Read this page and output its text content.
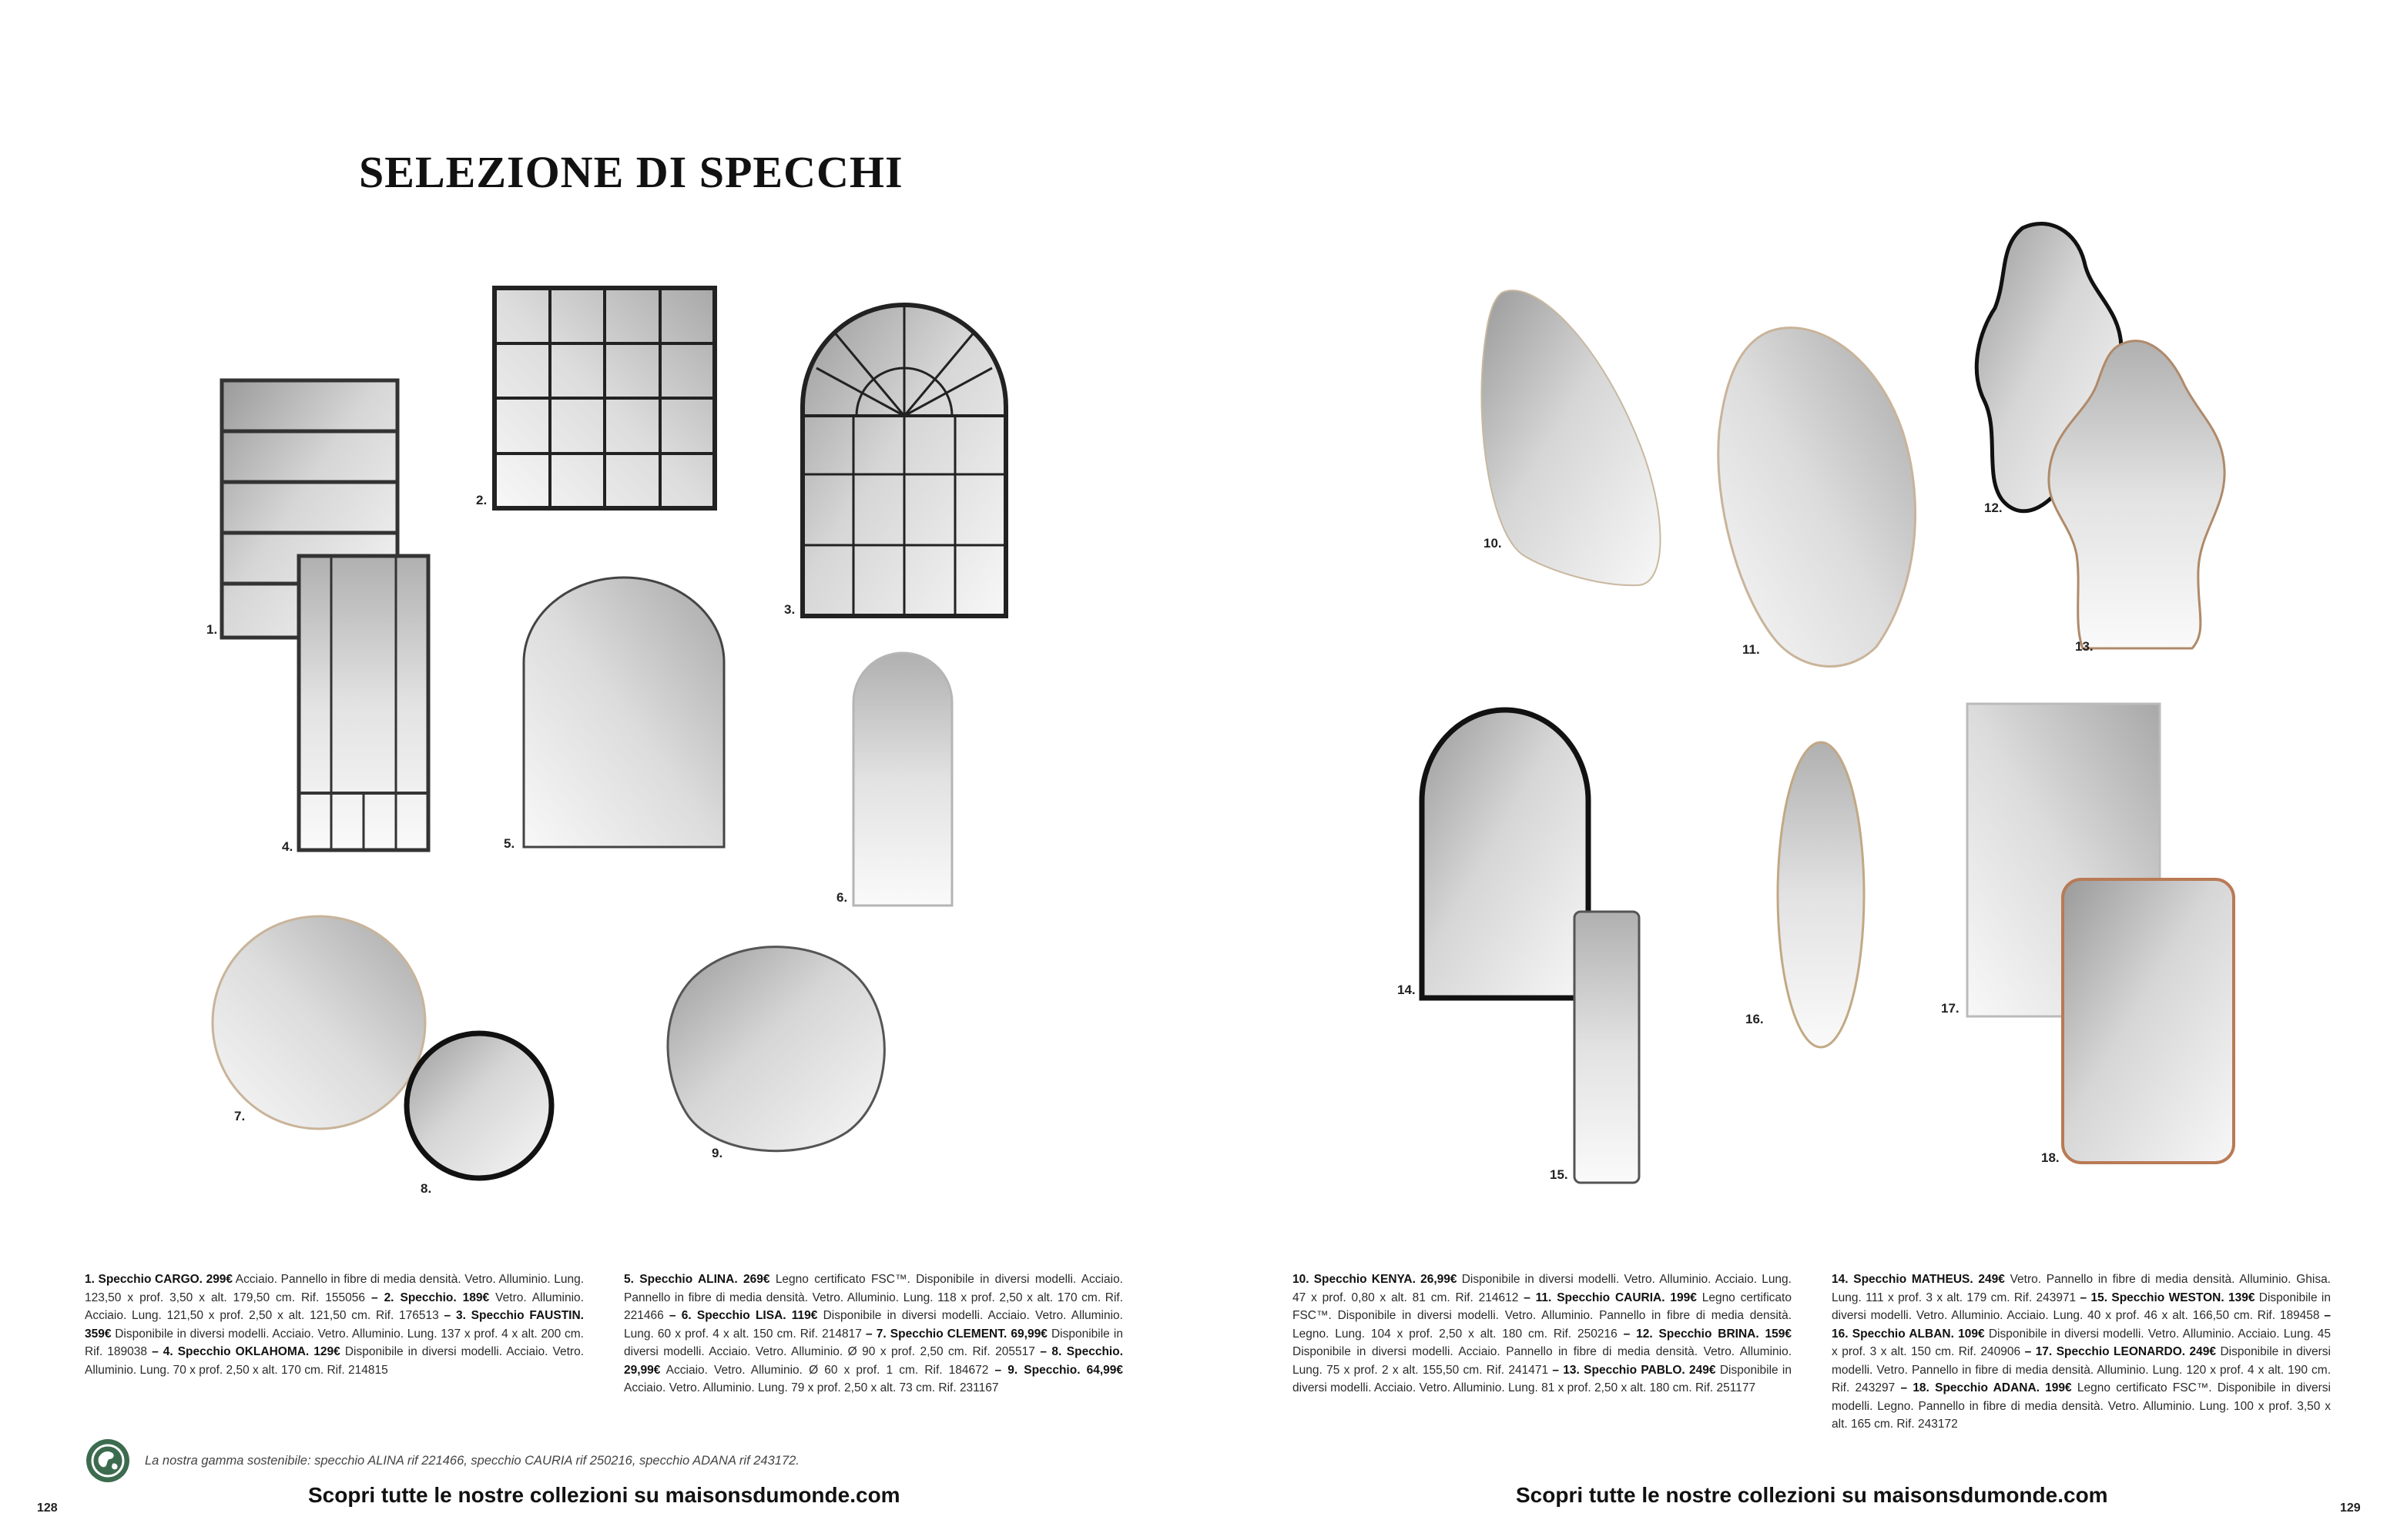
SELEZIONE DI SPECCHI
1.
2.
3.
4.	5.
6.
7.
8.
9.
1. Specchio CARGO. 299€ Acciaio. Pannello in fibre di media densità. Vetro. Alluminio. Lung. 123,50 x prof. 3,50 x alt. 179,50 cm. Rif. 155056 – 2. Specchio. 189€ Vetro. Alluminio. Acciaio. Lung. 121,50 x prof. 2,50 x alt. 121,50 cm. Rif. 176513 – 3. Specchio FAUSTIN. 359€ Disponibile in diversi modelli. Acciaio. Vetro. Alluminio. Lung. 137 x prof. 4 x alt. 200 cm. Rif. 189038 – 4. Specchio OKLAHOMA. 129€ Disponibile in diversi modelli. Acciaio. Vetro. Alluminio. Lung. 70 x prof. 2,50 x alt. 170 cm. Rif. 214815
5. Specchio ALINA. 269€ Legno certificato FSC™. Disponibile in diversi modelli. Acciaio. Pannello in fibre di media densità. Vetro. Alluminio. Lung. 118 x prof. 2,50 x alt. 170 cm. Rif. 221466 – 6. Specchio LISA. 119€ Disponibile in diversi modelli. Acciaio. Vetro. Alluminio. Lung. 60 x prof. 4 x alt. 150 cm. Rif. 214817 – 7. Specchio CLEMENT. 69,99€ Disponibile in diversi modelli. Acciaio. Vetro. Alluminio. Ø 90 x prof. 2,50 cm. Rif. 205517 – 8. Specchio. 29,99€ Acciaio. Vetro. Alluminio. Ø 60 x prof. 1 cm. Rif. 184672 – 9. Specchio. 64,99€ Acciaio. Vetro. Alluminio. Lung. 79 x prof. 2,50 x alt. 73 cm. Rif. 231167
La nostra gamma sostenibile: specchio ALINA rif 221466, specchio CAURIA rif 250216, specchio ADANA rif 243172.
Scopri tutte le nostre collezioni su maisonsdumonde.com
128
10.
11.
12.
13.
14.
15.
16.
17.
18.
10. Specchio KENYA. 26,99€ Disponibile in diversi modelli. Vetro. Alluminio. Acciaio. Lung. 47 x prof. 0,80 x alt. 81 cm. Rif. 214612 – 11. Specchio CAURIA. 199€ Legno certificato FSC™. Disponibile in diversi modelli. Vetro. Alluminio. Pannello in fibre di media densità. Legno. Lung. 104 x prof. 2,50 x alt. 180 cm. Rif. 250216 – 12. Specchio BRINA. 159€ Disponibile in diversi modelli. Acciaio. Pannello in fibre di media densità. Vetro. Alluminio. Lung. 75 x prof. 2 x alt. 155,50 cm. Rif. 241471 – 13. Specchio PABLO. 249€ Disponibile in diversi modelli. Acciaio. Vetro. Alluminio. Lung. 81 x prof. 2,50 x alt. 180 cm. Rif. 251177
14. Specchio MATHEUS. 249€ Vetro. Pannello in fibre di media densità. Alluminio. Ghisa. Lung. 111 x prof. 3 x alt. 179 cm. Rif. 243971 – 15. Specchio WESTON. 139€ Disponibile in diversi modelli. Vetro. Alluminio. Acciaio. Lung. 40 x prof. 46 x alt. 166,50 cm. Rif. 189458 – 16. Specchio ALBAN. 109€ Disponibile in diversi modelli. Vetro. Alluminio. Acciaio. Lung. 45 x prof. 3 x alt. 150 cm. Rif. 240906 – 17. Specchio LEONARDO. 249€ Disponibile in diversi modelli. Vetro. Pannello in fibre di media densità. Alluminio. Lung. 120 x prof. 4 x alt. 190 cm. Rif. 243297 – 18. Specchio ADANA. 199€ Legno certificato FSC™. Disponibile in diversi modelli. Legno. Pannello in fibre di media densità. Vetro. Alluminio. Lung. 100 x prof. 3,50 x alt. 165 cm. Rif. 243172
Scopri tutte le nostre collezioni su maisonsdumonde.com
129
